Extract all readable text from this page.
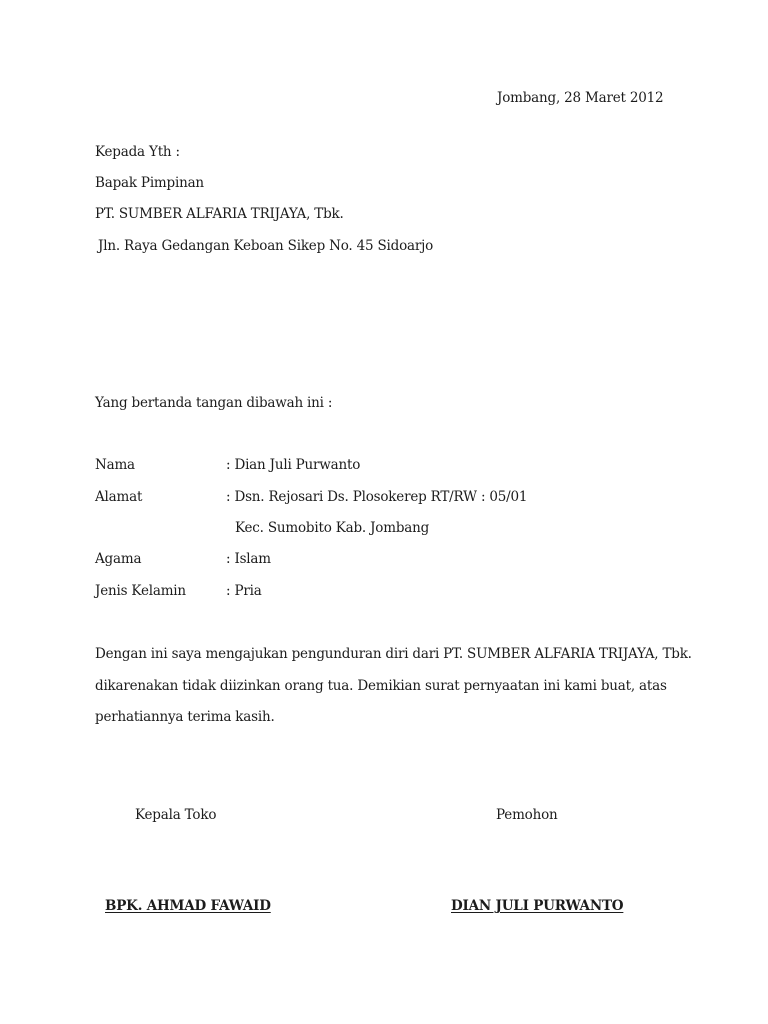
Jombang, 28 Maret 2012
Kepada Yth :
Bapak Pimpinan
PT. SUMBER ALFARIA TRIJAYA, Tbk.
Jln. Raya Gedangan Keboan Sikep No. 45 Sidoarjo
Yang bertanda tangan dibawah ini :
Nama	: Dian Juli Purwanto
Alamat	: Dsn. Rejosari Ds. Plosokerep RT/RW : 05/01
Kec. Sumobito Kab. Jombang
Agama	: Islam
Jenis Kelamin	: Pria
Dengan ini saya mengajukan pengunduran diri dari PT. SUMBER ALFARIA TRIJAYA, Tbk.
dikarenakan tidak diizinkan orang tua. Demikian surat pernyaatan ini kami buat, atas
perhatiannya terima kasih.
Kepala Toko	Pemohon
BPK. AHMAD FAWAID	DIAN JULI PURWANTO
